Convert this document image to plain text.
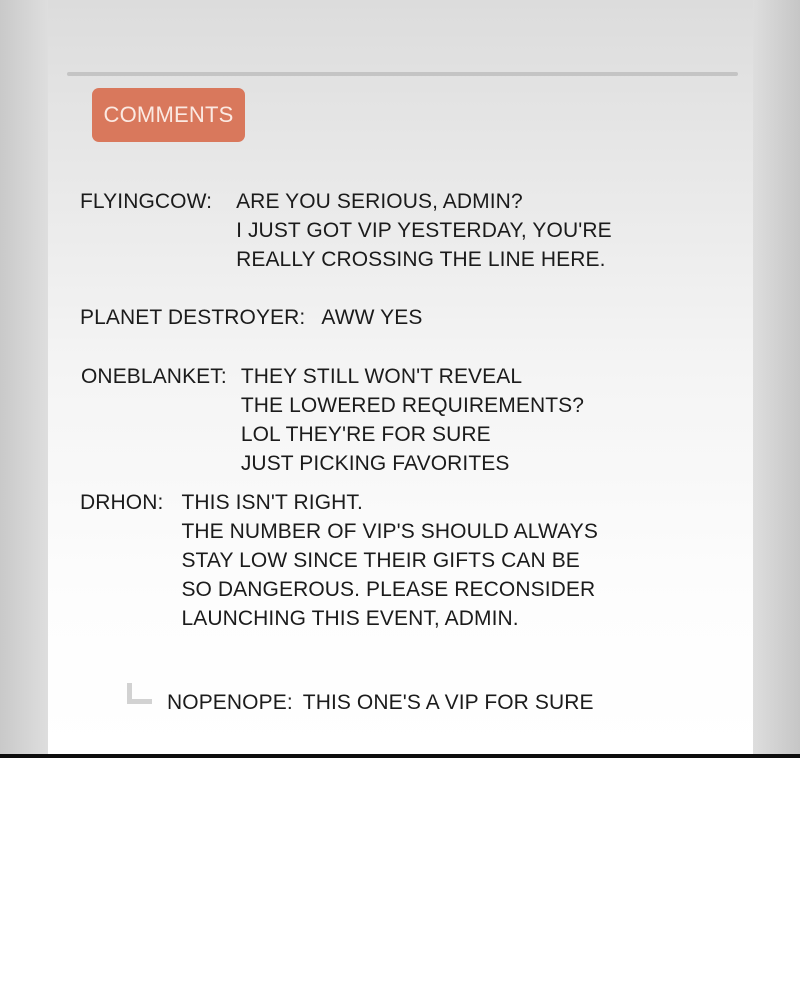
COMMENTS
FLYINGCOW: ARE YOU SERIOUS, ADMIN?
I JUST GOT VIP YESTERDAY, YOU'RE
REALLY CROSSING THE LINE HERE.
PLANET DESTROYER: AWW YES
ONEBLANKET: THEY STILL WON'T REVEAL
THE LOWERED REQUIREMENTS?
LOL THEY'RE FOR SURE
JUST PICKING FAVORITES
DRHON: THIS ISN'T RIGHT.
THE NUMBER OF VIP'S SHOULD ALWAYS
STAY LOW SINCE THEIR GIFTS CAN BE
SO DANGEROUS. PLEASE RECONSIDER
LAUNCHING THIS EVENT, ADMIN.
NOPENOPE: THIS ONE'S A VIP FOR SURE
